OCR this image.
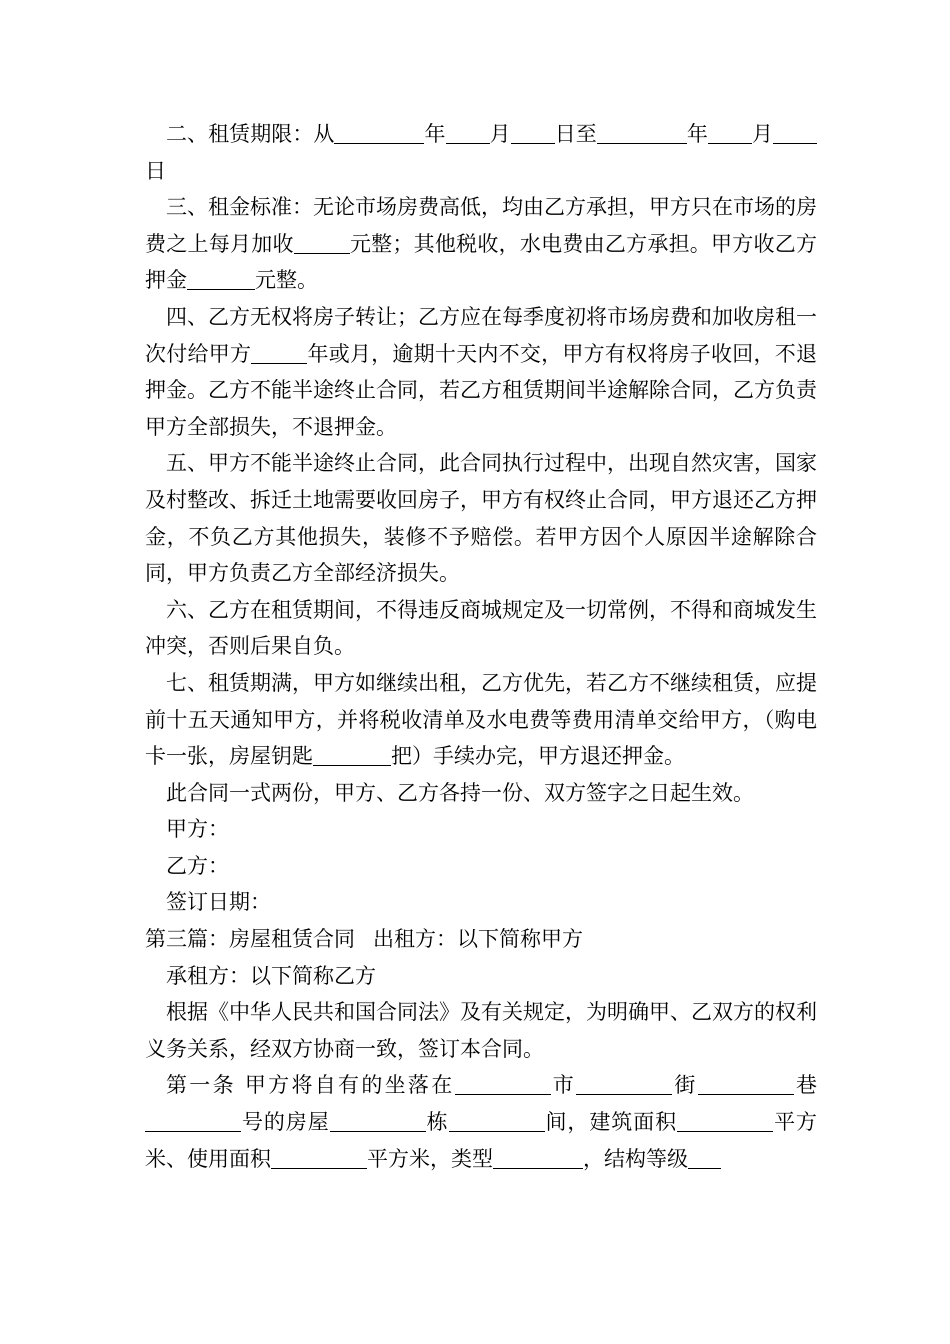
二、租赁期限：从	年 月 日至	年 月日

三、租金标准：无论市场房费高低，均由乙方承担，甲方只在市场的房费之上每月加收	元整；其他税收，水电费由乙方承担。甲方收乙方押金	元整。

四、乙方无权将房子转让；乙方应在每季度初将市场房费和加收房租一次付给甲方	年或月，逾期十天内不交，甲方有权将房子收回，不退押金。乙方不能半途终止合同，若乙方租赁期间半途解除合同，乙方负责甲方全部损失，不退押金。

五、甲方不能半途终止合同，此合同执行过程中，出现自然灾害，国家及村整改、拆迁土地需要收回房子，甲方有权终止合同，甲方退还乙方押金，不负乙方其他损失，装修不予赔偿。若甲方因个人原因半途解除合同，甲方负责乙方全部经济损失。

六、乙方在租赁期间，不得违反商城规定及一切常例，不得和商城发生冲突，否则后果自负。

七、租赁期满，甲方如继续出租，乙方优先，若乙方不继续租赁，应提前十五天通知甲方，并将税收清单及水电费等费用清单交给甲方，（购电卡一张，房屋钥匙	把）手续办完，甲方退还押金。

此合同一式两份，甲方、乙方各持一份、双方签字之日起生效。

甲方：

乙方：

签订日期：

第三篇：房屋租赁合同 出租方：以下简称甲方

承租方：以下简称乙方

根据《中华人民共和国合同法》及有关规定，为明确甲、乙双方的权利义务关系，经双方协商一致，签订本合同。

第一条 甲方将自有的坐落在	市	街	巷号的房屋	栋	间，建筑面积	平方米、使用面积	平方米，类型	，结构等级
